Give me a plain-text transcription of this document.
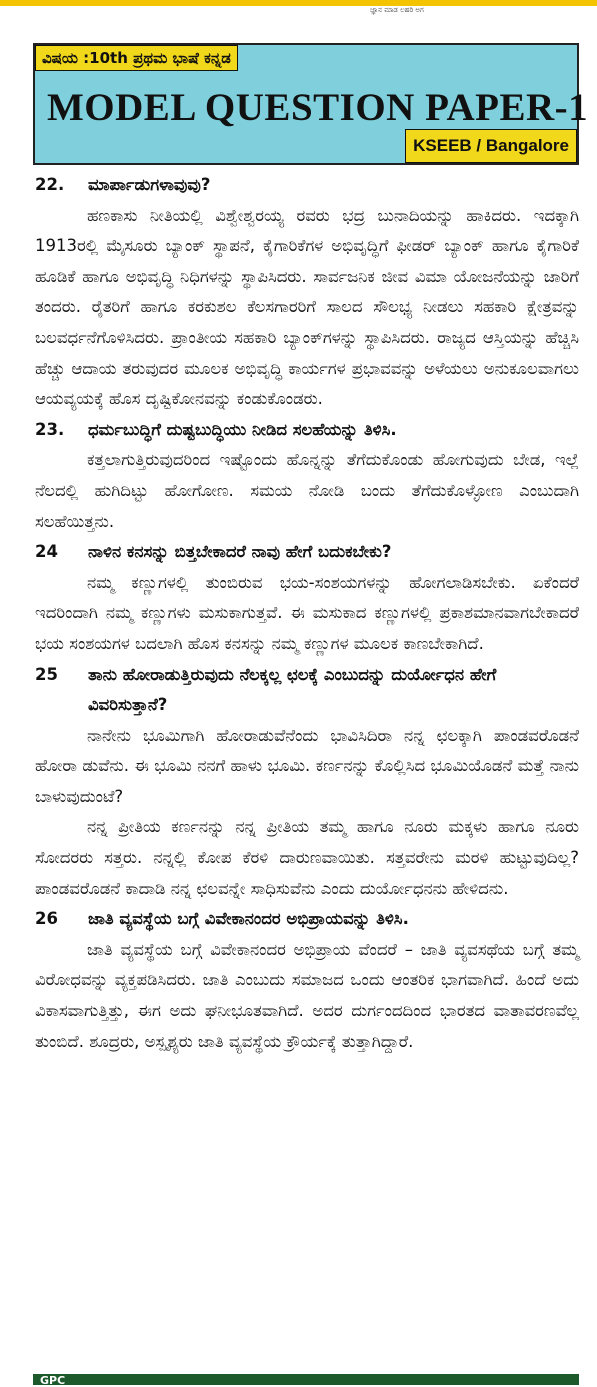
ಜ್ಞಾನ ಮಾಡ ಲಹರಿ ಅಗ
ವಿಷಯ :10th ಪ್ರಥಮ ಭಾಷೆ ಕನ್ನಡ
MODEL QUESTION PAPER-1
KSEEB / Bangalore
22.	ಮಾರ್ಪಾಡುಗಳಾವುವು?

ಹಣಕಾಸು ನೀತಿಯಲ್ಲಿ ವಿಶ್ವೇಶ್ವರಯ್ಯ ರವರು ಭದ್ರ ಬುನಾದಿಯನ್ನು ಹಾಕಿದರು. ಇದಕ್ಕಾಗಿ 1913ರಲ್ಲಿ ಮೈಸೂರು ಬ್ಯಾಂಕ್ ಸ್ಥಾಪನೆ, ಕೈಗಾರಿಕೆಗಳ ಅಭಿವೃದ್ಧಿಗೆ ಫೀಡರ್ ಬ್ಯಾಂಕ್ ಹಾಗೂ ಕೈಗಾರಿಕೆ ಹೂಡಿಕೆ ಹಾಗೂ ಅಭಿವೃದ್ಧಿ ನಿಧಿಗಳನ್ನು ಸ್ಥಾಪಿಸಿದರು. ಸಾರ್ವಜನಿಕ ಜೀವ ವಿಮಾ ಯೋಜನೆಯನ್ನು ಜಾರಿಗೆ ತಂದರು. ರೈತರಿಗೆ ಹಾಗೂ ಕರಕುಶಲ ಕೆಲಸಗಾರರಿಗೆ ಸಾಲದ ಸೌಲಭ್ಯ ನೀಡಲು ಸಹಕಾರಿ ಕ್ಷೇತ್ರವನ್ನು ಬಲವರ್ಧನೆಗೊಳಿಸಿದರು. ಪ್ರಾಂತೀಯ ಸಹಕಾರಿ ಬ್ಯಾಂಕ್‌ಗಳನ್ನು ಸ್ಥಾಪಿಸಿದರು. ರಾಜ್ಯದ ಆಸ್ತಿಯನ್ನು ಹೆಚ್ಚಿಸಿ ಹೆಚ್ಚು ಆದಾಯ ತರುವುದರ ಮೂಲಕ ಅಭಿವೃದ್ಧಿ ಕಾರ್ಯಗಳ ಪ್ರಭಾವವನ್ನು ಅಳೆಯಲು ಅನುಕೂಲವಾಗಲು ಆಯವ್ಯಯಕ್ಕೆ ಹೊಸ ದೃಷ್ಟಿಕೋನವನ್ನು ಕಂಡುಕೊಂಡರು.

23.	ಧರ್ಮಬುದ್ಧಿಗೆ ದುಷ್ಟಬುದ್ಧಿಯು ನೀಡಿದ ಸಲಹೆಯನ್ನು ತಿಳಿಸಿ.

ಕತ್ತಲಾಗುತ್ತಿರುವುದರಿಂದ ಇಷ್ಟೊಂದು ಹೊನ್ನನ್ನು ತೆಗೆದುಕೊಂಡು ಹೋಗುವುದು ಬೇಡ, ಇಲ್ಲೆ ನೆಲದಲ್ಲಿ ಹುಗಿದಿಟ್ಟು ಹೋಗೋಣ. ಸಮಯ ನೋಡಿ ಬಂದು ತೆಗೆದುಕೊಳ್ಳೋಣ ಎಂಬುದಾಗಿ ಸಲಹೆಯಿತ್ತನು.

24	ನಾಳಿನ ಕನಸನ್ನು ಬಿತ್ತಬೇಕಾದರೆ ನಾವು ಹೇಗೆ ಬದುಕಬೇಕು?

ನಮ್ಮ ಕಣ್ಣುಗಳಲ್ಲಿ ತುಂಬಿರುವ ಭಯ-ಸಂಶಯಗಳನ್ನು ಹೋಗಲಾಡಿಸಬೇಕು. ಏಕೆಂದರೆ ಇದರಿಂದಾಗಿ ನಮ್ಮ ಕಣ್ಣುಗಳು ಮಸುಕಾಗುತ್ತವೆ. ಈ ಮಸುಕಾದ ಕಣ್ಣುಗಳಲ್ಲಿ ಪ್ರಕಾಶಮಾನವಾಗಬೇಕಾದರೆ ಭಯ ಸಂಶಯಗಳ ಬದಲಾಗಿ ಹೊಸ ಕನಸನ್ನು ನಮ್ಮ ಕಣ್ಣುಗಳ ಮೂಲಕ ಕಾಣಬೇಕಾಗಿದೆ.

25	ತಾನು ಹೋರಾಡುತ್ತಿರುವುದು ನೆಲಕ್ಕಲ್ಲ ಛಲಕ್ಕೆ ಎಂಬುದನ್ನು ದುರ್ಯೋಧನ ಹೇಗೆ ವಿವರಿಸುತ್ತಾನೆ?

ನಾನೇನು ಭೂಮಿಗಾಗಿ ಹೋರಾಡುವೆನೆಂದು ಭಾವಿಸಿದಿರಾ ನನ್ನ ಛಲಕ್ಕಾಗಿ ಪಾಂಡವರೊಡನೆ ಹೋರಾ ಡುವೆನು. ಈ ಭೂಮಿ ನನಗೆ ಹಾಳು ಭೂಮಿ. ಕರ್ಣನನ್ನು ಕೊಲ್ಲಿಸಿದ ಭೂಮಿಯೊಡನೆ ಮತ್ತೆ ನಾನು ಬಾಳುವುದುಂಟೆ?

ನನ್ನ ಪ್ರೀತಿಯ ಕರ್ಣನನ್ನು ನನ್ನ ಪ್ರೀತಿಯ ತಮ್ಮ ಹಾಗೂ ನೂರು ಮಕ್ಕಳು ಹಾಗೂ ನೂರು ಸೋದರರು ಸತ್ತರು. ನನ್ನಲ್ಲಿ ಕೋಪ ಕೆರಳಿ ದಾರುಣವಾಯಿತು. ಸತ್ತವರೇನು ಮರಳಿ ಹುಟ್ಟುವುದಿಲ್ಲ? ಪಾಂಡವರೊಡನೆ ಕಾದಾಡಿ ನನ್ನ ಛಲವನ್ನೇ ಸಾಧಿಸುವೆನು ಎಂದು ದುರ್ಯೋಧನನು ಹೇಳಿದನು.

26	ಜಾತಿ ವ್ಯವಸ್ಥೆಯ ಬಗ್ಗೆ ವಿವೇಕಾನಂದರ ಅಭಿಪ್ರಾಯವನ್ನು ತಿಳಿಸಿ.

ಜಾತಿ ವ್ಯವಸ್ಥೆಯ ಬಗ್ಗೆ ವಿವೇಕಾನಂದರ ಅಭಿಪ್ರಾಯ ವೆಂದರೆ – ಜಾತಿ ವ್ಯವಸಥೆಯ ಬಗ್ಗೆ ತಮ್ಮ ವಿರೋಧವನ್ನು ವ್ಯಕ್ತಪಡಿಸಿದರು. ಜಾತಿ ಎಂಬುದು ಸಮಾಜದ ಒಂದು ಆಂತರಿಕ ಭಾಗವಾಗಿದೆ. ಹಿಂದೆ ಅದು ವಿಕಾಸವಾಗುತ್ತಿತ್ತು, ಈಗ ಅದು ಘನೀಭೂತವಾಗಿದೆ. ಅದರ ದುರ್ಗಂದದಿಂದ ಭಾರತದ ವಾತಾವರಣವೆಲ್ಲ ತುಂಬಿದೆ. ಶೂದ್ರರು, ಅಸ್ಪೃಶ್ಯರು ಜಾತಿ ವ್ಯವಸ್ಥೆಯ ಕ್ರೌರ್ಯಕ್ಕೆ ತುತ್ತಾಗಿದ್ದಾರೆ.

GPC
